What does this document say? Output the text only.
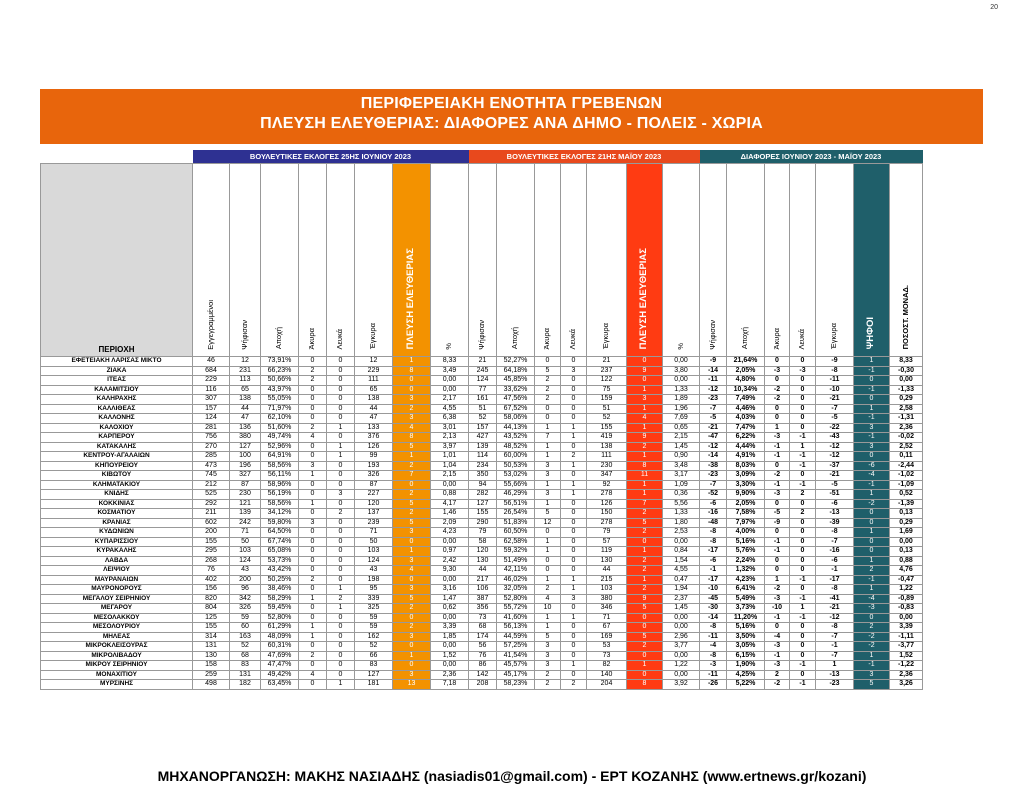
20
ΠΕΡΙΦΕΡΕΙΑΚΗ ΕΝΟΤΗΤΑ ΓΡΕΒΕΝΩΝ
ΠΛΕΥΣΗ ΕΛΕΥΘΕΡΙΑΣ: ΔΙΑΦΟΡΕΣ ΑΝΑ ΔΗΜΟ - ΠΟΛΕΙΣ - ΧΩΡΙΑ
	ΒΟΥΛΕΥΤΙΚΕΣ ΕΚΛΟΓΕΣ 25ΗΣ ΙΟΥΝΙΟΥ 2023								ΒΟΥΛΕΥΤΙΚΕΣ ΕΚΛΟΓΕΣ 21ΗΣ ΜΑΪΟΥ 2023							ΔΙΑΦΟΡΕΣ ΙΟΥΝΙΟΥ 2023 - ΜΑΪΟΥ 2023						
ΠΕΡΙΟΧΗ	Εγγεγραμμένοι	Ψήφισαν	Αποχή	Άκυρα	Λευκά	Έγκυρα	ΠΛΕΥΣΗ ΕΛΕΥΘΕΡΙΑΣ	%	Ψήφισαν	Αποχή	Άκυρα	Λευκά	Έγκυρα	ΠΛΕΥΣΗ ΕΛΕΥΘΕΡΙΑΣ	%	Ψήφισαν	Αποχή	Άκυρα	Λευκά	Έγκυρα	ΨΗΦΟΙ	ΠΟΣΟΣΤ. ΜΟΝΑΔ.
ΕΦΕΤΕΙΑΚΗ ΛΑΡΙΣΑΣ ΜΙΚΤΟ	46	12	73,91%	0	0	12	1	8,33	21	52,27%	0	0	21	0	0,00	-9	21,64%	0	0	-9	1	8,33
ΖΙΑΚΑ	684	231	66,23%	2	0	229	8	3,49	245	64,18%	5	3	237	9	3,80	-14	2,05%	-3	-3	-8	-1	-0,30
ΙΤΕΑΣ	229	113	50,66%	2	0	111	0	0,00	124	45,85%	2	0	122	0	0,00	-11	4,80%	0	0	-11	0	0,00
ΚΑΛΑΜΙΤΣΙΟΥ	116	65	43,97%	0	0	65	0	0,00	77	33,62%	2	0	75	1	1,33	-12	10,34%	-2	0	-10	-1	-1,33
ΚΑΛΗΡΑΧΗΣ	307	138	55,05%	0	0	138	3	2,17	161	47,56%	2	0	159	3	1,89	-23	7,49%	-2	0	-21	0	0,29
ΚΑΛΛΙΘΕΑΣ	157	44	71,97%	0	0	44	2	4,55	51	67,52%	0	0	51	1	1,96	-7	4,46%	0	0	-7	1	2,58
ΚΑΛΛΟΝΗΣ	124	47	62,10%	0	0	47	3	6,38	52	58,06%	0	0	52	4	7,69	-5	4,03%	0	0	-5	-1	-1,31
ΚΑΛΟΧΙΟΥ	281	136	51,60%	2	1	133	4	3,01	157	44,13%	1	1	155	1	0,65	-21	7,47%	1	0	-22	3	2,36
ΚΑΡΠΕΡΟΥ	756	380	49,74%	4	0	376	8	2,13	427	43,52%	7	1	419	9	2,15	-47	6,22%	-3	-1	-43	-1	-0,02
ΚΑΤΑΚΑΛΗΣ	270	127	52,96%	0	1	126	5	3,97	139	48,52%	1	0	138	2	1,45	-12	4,44%	-1	1	-12	3	2,52
ΚΕΝΤΡΟΥ-ΑΓΑΛΑΙΩΝ	285	100	64,91%	0	1	99	1	1,01	114	60,00%	1	2	111	1	0,90	-14	4,91%	-1	-1	-12	0	0,11
ΚΗΠΟΥΡΕΙΟΥ	473	196	58,56%	3	0	193	2	1,04	234	50,53%	3	1	230	8	3,48	-38	8,03%	0	-1	-37	-6	-2,44
ΚΙΒΩΤΟΥ	745	327	56,11%	1	0	326	7	2,15	350	53,02%	3	0	347	11	3,17	-23	3,09%	-2	0	-21	-4	-1,02
ΚΛΗΜΑΤΑΚΙΟΥ	212	87	58,96%	0	0	87	0	0,00	94	55,66%	1	1	92	1	1,09	-7	3,30%	-1	-1	-5	-1	-1,09
ΚΝΙΔΗΣ	525	230	56,19%	0	3	227	2	0,88	282	46,29%	3	1	278	1	0,36	-52	9,90%	-3	2	-51	1	0,52
ΚΟΚΚΙΝΙΑΣ	292	121	58,56%	1	0	120	5	4,17	127	56,51%	1	0	126	7	5,56	-6	2,05%	0	0	-6	-2	-1,39
ΚΟΣΜΑΤΙΟΥ	211	139	34,12%	0	2	137	2	1,46	155	26,54%	5	0	150	2	1,33	-16	7,58%	-5	2	-13	0	0,13
ΚΡΑΝΙΑΣ	602	242	59,80%	3	0	239	5	2,09	290	51,83%	12	0	278	5	1,80	-48	7,97%	-9	0	-39	0	0,29
ΚΥΔΩΝΙΩΝ	200	71	64,50%	0	0	71	3	4,23	79	60,50%	0	0	79	2	2,53	-8	4,00%	0	0	-8	1	1,69
ΚΥΠΑΡΙΣΣΙΟΥ	155	50	67,74%	0	0	50	0	0,00	58	62,58%	1	0	57	0	0,00	-8	5,16%	-1	0	-7	0	0,00
ΚΥΡΑΚΑΛΗΣ	295	103	65,08%	0	0	103	1	0,97	120	59,32%	1	0	119	1	0,84	-17	5,76%	-1	0	-16	0	0,13
ΛΑΒΔΑ	268	124	53,73%	0	0	124	3	2,42	130	51,49%	0	0	130	2	1,54	-6	2,24%	0	0	-6	1	0,88
ΛΕΙΨΙΟΥ	76	43	43,42%	0	0	43	4	9,30	44	42,11%	0	0	44	2	4,55	-1	1,32%	0	0	-1	2	4,76
ΜΑΥΡΑΝΑΙΩΝ	402	200	50,25%	2	0	198	0	0,00	217	46,02%	1	1	215	1	0,47	-17	4,23%	1	-1	-17	-1	-0,47
ΜΑΥΡΟΝΟΡΟΥΣ	156	96	38,46%	0	1	95	3	3,16	106	32,05%	2	1	103	2	1,94	-10	6,41%	-2	0	-8	1	1,22
ΜΕΓΑΛΟΥ ΣΕΙΡΗΝΙΟΥ	820	342	58,29%	1	2	339	5	1,47	387	52,80%	4	3	380	9	2,37	-45	5,49%	-3	-1	-41	-4	-0,89
ΜΕΓΑΡΟΥ	804	326	59,45%	0	1	325	2	0,62	356	55,72%	10	0	346	5	1,45	-30	3,73%	-10	1	-21	-3	-0,83
ΜΕΣΟΛΑΚΚΟΥ	125	59	52,80%	0	0	59	0	0,00	73	41,60%	1	1	71	0	0,00	-14	11,20%	-1	-1	-12	0	0,00
ΜΕΣΟΛΟΥΡΙΟΥ	155	60	61,29%	1	0	59	2	3,39	68	56,13%	1	0	67	0	0,00	-8	5,16%	0	0	-8	2	3,39
ΜΗΛΕΑΣ	314	163	48,09%	1	0	162	3	1,85	174	44,59%	5	0	169	5	2,96	-11	3,50%	-4	0	-7	-2	-1,11
ΜΙΚΡΟΚΛΕΙΣΟΥΡΑΣ	131	52	60,31%	0	0	52	0	0,00	56	57,25%	3	0	53	2	3,77	-4	3,05%	-3	0	-1	-2	-3,77
ΜΙΚΡΟΛΙΒΑΔΟΥ	130	68	47,69%	2	0	66	1	1,52	76	41,54%	3	0	73	0	0,00	-8	6,15%	-1	0	-7	1	1,52
ΜΙΚΡΟΥ ΣΕΙΡΗΝΙΟΥ	158	83	47,47%	0	0	83	0	0,00	86	45,57%	3	1	82	1	1,22	-3	1,90%	-3	-1	1	-1	-1,22
ΜΟΝΑΧΙΤΙΟΥ	259	131	49,42%	4	0	127	3	2,36	142	45,17%	2	0	140	0	0,00	-11	4,25%	2	0	-13	3	2,36
ΜΥΡΣΙΝΗΣ	498	182	63,45%	0	1	181	13	7,18	208	58,23%	2	2	204	8	3,92	-26	5,22%	-2	-1	-23	5	3,26
ΜΗΧΑΝΟΡΓΑΝΩΣΗ: ΜΑΚΗΣ ΝΑΣΙΑΔΗΣ (nasiadis01@gmail.com) - ΕΡΤ ΚΟΖΑΝΗΣ (www.ertnews.gr/kozani)
